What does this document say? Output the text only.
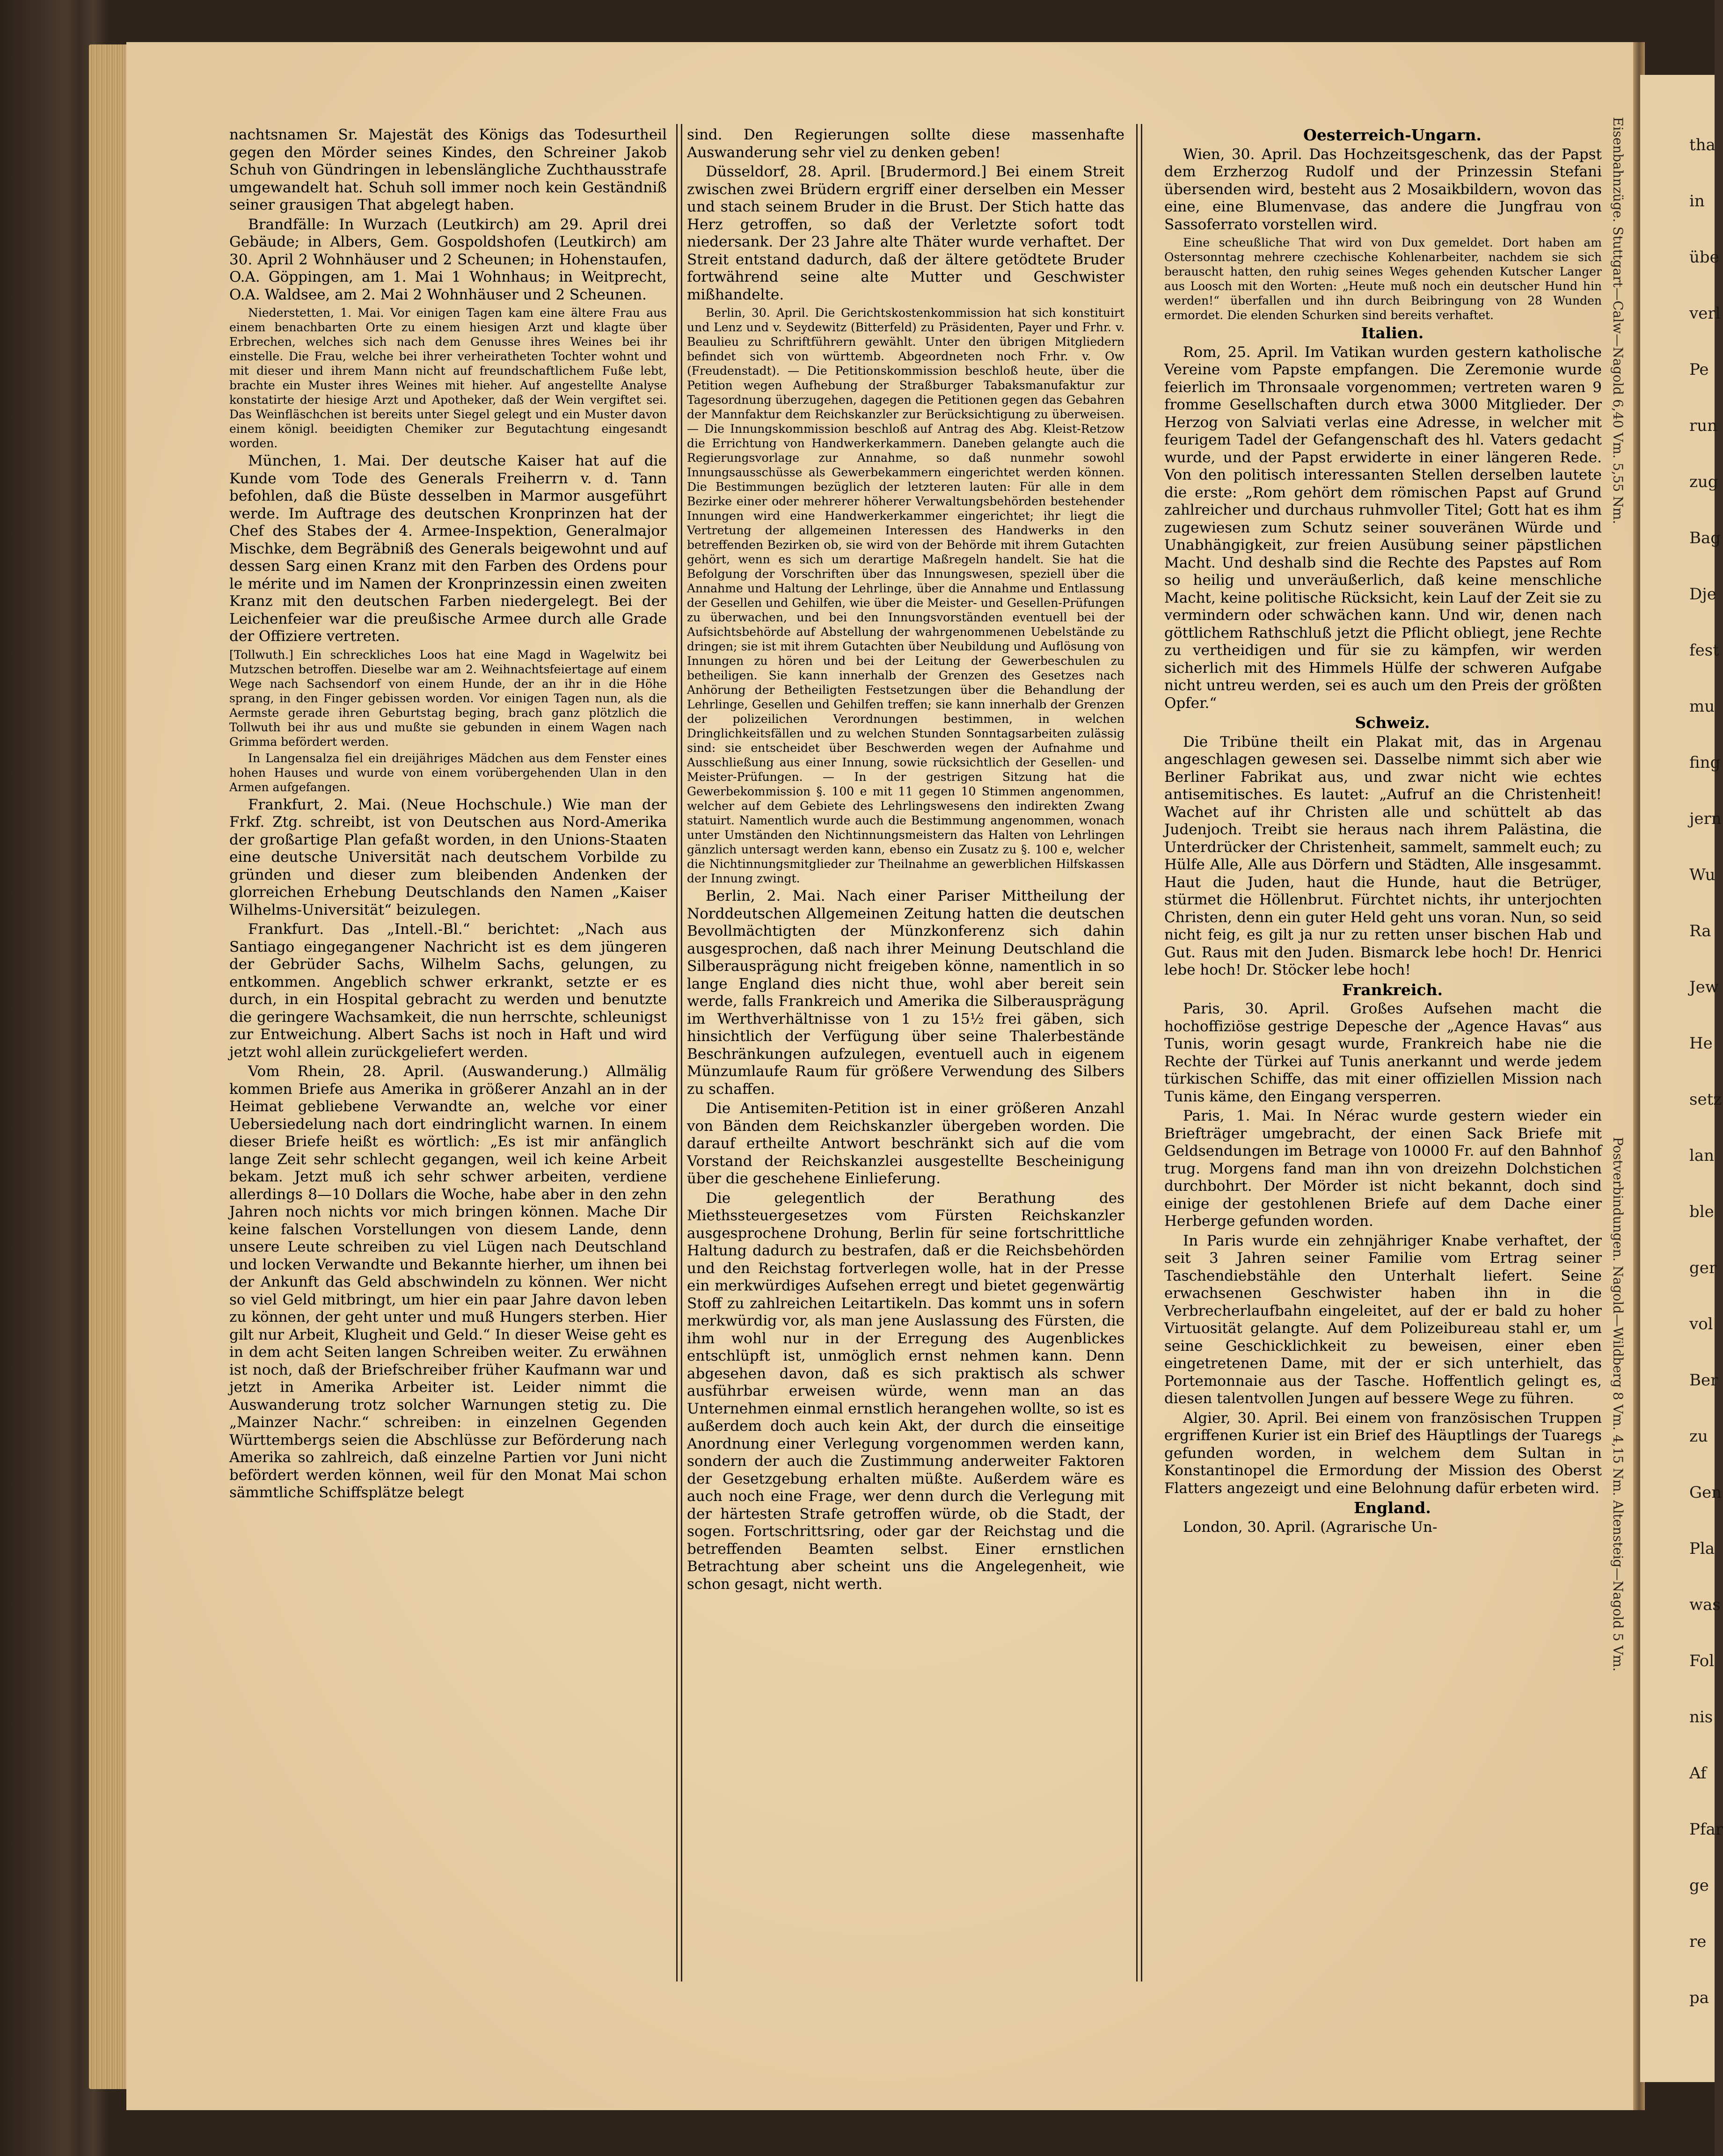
nachtsnamen Sr. Majestät des Königs das Todesurtheil gegen den Mörder seines Kindes, den Schreiner Jakob Schuh von Gündringen in lebenslängliche Zuchthausstrafe umgewandelt hat. Schuh soll immer noch kein Geständniß seiner grausigen That abgelegt haben.

Brandfälle: In Wurzach (Leutkirch) am 29. April drei Gebäude; in Albers, Gem. Gospoldshofen (Leutkirch) am 30. April 2 Wohnhäuser und 2 Scheunen; in Hohenstaufen, O.A. Göppingen, am 1. Mai 1 Wohnhaus; in Weitprecht, O.A. Waldsee, am 2. Mai 2 Wohnhäuser und 2 Scheunen.

Niederstetten, 1. Mai. Vor einigen Tagen kam eine ältere Frau aus einem benachbarten Orte zu einem hiesigen Arzt und klagte über Erbrechen, welches sich nach dem Genusse ihres Weines bei ihr einstelle. Die Frau, welche bei ihrer verheiratheten Tochter wohnt und mit dieser und ihrem Mann nicht auf freundschaftlichem Fuße lebt, brachte ein Muster ihres Weines mit hieher. Auf angestellte Analyse konstatirte der hiesige Arzt und Apotheker, daß der Wein vergiftet sei. Das Weinfläschchen ist bereits unter Siegel gelegt und ein Muster davon einem königl. beeidigten Chemiker zur Begutachtung eingesandt worden.

München, 1. Mai. Der deutsche Kaiser hat auf die Kunde vom Tode des Generals Freiherrn v. d. Tann befohlen, daß die Büste desselben in Marmor ausgeführt werde. Im Auftrage des deutschen Kronprinzen hat der Chef des Stabes der 4. Armee-Inspektion, Generalmajor Mischke, dem Begräbniß des Generals beigewohnt und auf dessen Sarg einen Kranz mit den Farben des Ordens pour le mérite und im Namen der Kronprinzessin einen zweiten Kranz mit den deutschen Farben niedergelegt. Bei der Leichenfeier war die preußische Armee durch alle Grade der Offiziere vertreten.

[Tollwuth.] Ein schreckliches Loos hat eine Magd in Wagelwitz bei Mutzschen betroffen. Dieselbe war am 2. Weihnachtsfeiertage auf einem Wege nach Sachsendorf von einem Hunde, der an ihr in die Höhe sprang, in den Finger gebissen worden. Vor einigen Tagen nun, als die Aermste gerade ihren Geburtstag beging, brach ganz plötzlich die Tollwuth bei ihr aus und mußte sie gebunden in einem Wagen nach Grimma befördert werden.

In Langensalza fiel ein dreijähriges Mädchen aus dem Fenster eines hohen Hauses und wurde von einem vorübergehenden Ulan in den Armen aufgefangen.

Frankfurt, 2. Mai. (Neue Hochschule.) Wie man der Frkf. Ztg. schreibt, ist von Deutschen aus Nord-Amerika der großartige Plan gefaßt worden, in den Unions-Staaten eine deutsche Universität nach deutschem Vorbilde zu gründen und dieser zum bleibenden Andenken der glorreichen Erhebung Deutschlands den Namen „Kaiser Wilhelms-Universität“ beizulegen.

Frankfurt. Das „Intell.-Bl.“ berichtet: „Nach aus Santiago eingegangener Nachricht ist es dem jüngeren der Gebrüder Sachs, Wilhelm Sachs, gelungen, zu entkommen. Angeblich schwer erkrankt, setzte er es durch, in ein Hospital gebracht zu werden und benutzte die geringere Wachsamkeit, die nun herrschte, schleunigst zur Entweichung. Albert Sachs ist noch in Haft und wird jetzt wohl allein zurückgeliefert werden.

Vom Rhein, 28. April. (Auswanderung.) Allmälig kommen Briefe aus Amerika in größerer Anzahl an in der Heimat gebliebene Verwandte an, welche vor einer Uebersiedelung nach dort eindringlicht warnen. In einem dieser Briefe heißt es wörtlich: „Es ist mir anfänglich lange Zeit sehr schlecht gegangen, weil ich keine Arbeit bekam. Jetzt muß ich sehr schwer arbeiten, verdiene allerdings 8—10 Dollars die Woche, habe aber in den zehn Jahren noch nichts vor mich bringen können. Mache Dir keine falschen Vorstellungen von diesem Lande, denn unsere Leute schreiben zu viel Lügen nach Deutschland und locken Verwandte und Bekannte hierher, um ihnen bei der Ankunft das Geld abschwindeln zu können. Wer nicht so viel Geld mitbringt, um hier ein paar Jahre davon leben zu können, der geht unter und muß Hungers sterben. Hier gilt nur Arbeit, Klugheit und Geld.“ In dieser Weise geht es in dem acht Seiten langen Schreiben weiter. Zu erwähnen ist noch, daß der Briefschreiber früher Kaufmann war und jetzt in Amerika Arbeiter ist. Leider nimmt die Auswanderung trotz solcher Warnungen stetig zu. Die „Mainzer Nachr.“ schreiben: in einzelnen Gegenden Württembergs seien die Abschlüsse zur Beförderung nach Amerika so zahlreich, daß einzelne Partien vor Juni nicht befördert werden können, weil für den Monat Mai schon sämmtliche Schiffsplätze belegt

sind. Den Regierungen sollte diese massenhafte Auswanderung sehr viel zu denken geben!

Düsseldorf, 28. April. [Brudermord.] Bei einem Streit zwischen zwei Brüdern ergriff einer derselben ein Messer und stach seinem Bruder in die Brust. Der Stich hatte das Herz getroffen, so daß der Verletzte sofort todt niedersank. Der 23 Jahre alte Thäter wurde verhaftet. Der Streit entstand dadurch, daß der ältere getödtete Bruder fortwährend seine alte Mutter und Geschwister mißhandelte.

Berlin, 30. April. Die Gerichtskostenkommission hat sich konstituirt und Lenz und v. Seydewitz (Bitterfeld) zu Präsidenten, Payer und Frhr. v. Beaulieu zu Schriftführern gewählt. Unter den übrigen Mitgliedern befindet sich von württemb. Abgeordneten noch Frhr. v. Ow (Freudenstadt). — Die Petitionskommission beschloß heute, über die Petition wegen Aufhebung der Straßburger Tabaksmanufaktur zur Tagesordnung überzugehen, dagegen die Petitionen gegen das Gebahren der Mannfaktur dem Reichskanzler zur Berücksichtigung zu überweisen. — Die Innungskommission beschloß auf Antrag des Abg. Kleist-Retzow die Errichtung von Handwerkerkammern. Daneben gelangte auch die Regierungsvorlage zur Annahme, so daß nunmehr sowohl Innungsausschüsse als Gewerbekammern eingerichtet werden können. Die Bestimmungen bezüglich der letzteren lauten: Für alle in dem Bezirke einer oder mehrerer höherer Verwaltungsbehörden bestehender Innungen wird eine Handwerkerkammer eingerichtet; ihr liegt die Vertretung der allgemeinen Interessen des Handwerks in den betreffenden Bezirken ob, sie wird von der Behörde mit ihrem Gutachten gehört, wenn es sich um derartige Maßregeln handelt. Sie hat die Befolgung der Vorschriften über das Innungswesen, speziell über die Annahme und Haltung der Lehrlinge, über die Annahme und Entlassung der Gesellen und Gehilfen, wie über die Meister- und Gesellen-Prüfungen zu überwachen, und bei den Innungsvorständen eventuell bei der Aufsichtsbehörde auf Abstellung der wahrgenommenen Uebelstände zu dringen; sie ist mit ihrem Gutachten über Neubildung und Auflösung von Innungen zu hören und bei der Leitung der Gewerbeschulen zu betheiligen. Sie kann innerhalb der Grenzen des Gesetzes nach Anhörung der Betheiligten Festsetzungen über die Behandlung der Lehrlinge, Gesellen und Gehilfen treffen; sie kann innerhalb der Grenzen der polizeilichen Verordnungen bestimmen, in welchen Dringlichkeitsfällen und zu welchen Stunden Sonntagsarbeiten zulässig sind: sie entscheidet über Beschwerden wegen der Aufnahme und Ausschließung aus einer Innung, sowie rücksichtlich der Gesellen- und Meister-Prüfungen. — In der gestrigen Sitzung hat die Gewerbekommission §. 100 e mit 11 gegen 10 Stimmen angenommen, welcher auf dem Gebiete des Lehrlingswesens den indirekten Zwang statuirt. Namentlich wurde auch die Bestimmung angenommen, wonach unter Umständen den Nichtinnungsmeistern das Halten von Lehrlingen gänzlich untersagt werden kann, ebenso ein Zusatz zu §. 100 e, welcher die Nichtinnungsmitglieder zur Theilnahme an gewerblichen Hilfskassen der Innung zwingt.

Berlin, 2. Mai. Nach einer Pariser Mittheilung der Norddeutschen Allgemeinen Zeitung hatten die deutschen Bevollmächtigten der Münzkonferenz sich dahin ausgesprochen, daß nach ihrer Meinung Deutschland die Silberausprägung nicht freigeben könne, namentlich in so lange England dies nicht thue, wohl aber bereit sein werde, falls Frankreich und Amerika die Silberausprägung im Werthverhältnisse von 1 zu 15½ frei gäben, sich hinsichtlich der Verfügung über seine Thalerbestände Beschränkungen aufzulegen, eventuell auch in eigenem Münzumlaufe Raum für größere Verwendung des Silbers zu schaffen.

Die Antisemiten-Petition ist in einer größeren Anzahl von Bänden dem Reichskanzler übergeben worden. Die darauf ertheilte Antwort beschränkt sich auf die vom Vorstand der Reichskanzlei ausgestellte Bescheinigung über die geschehene Einlieferung.

Die gelegentlich der Berathung des Miethssteuergesetzes vom Fürsten Reichskanzler ausgesprochene Drohung, Berlin für seine fortschrittliche Haltung dadurch zu bestrafen, daß er die Reichsbehörden und den Reichstag fortverlegen wolle, hat in der Presse ein merkwürdiges Aufsehen erregt und bietet gegenwärtig Stoff zu zahlreichen Leitartikeln. Das kommt uns in sofern merkwürdig vor, als man jene Auslassung des Fürsten, die ihm wohl nur in der Erregung des Augenblickes entschlüpft ist, unmöglich ernst nehmen kann. Denn abgesehen davon, daß es sich praktisch als schwer ausführbar erweisen würde, wenn man an das Unternehmen einmal ernstlich herangehen wollte, so ist es außerdem doch auch kein Akt, der durch die einseitige Anordnung einer Verlegung vorgenommen werden kann, sondern der auch die Zustimmung anderweiter Faktoren der Gesetzgebung erhalten müßte. Außerdem wäre es auch noch eine Frage, wer denn durch die Verlegung mit der härtesten Strafe getroffen würde, ob die Stadt, der sogen. Fortschrittsring, oder gar der Reichstag und die betreffenden Beamten selbst. Einer ernstlichen Betrachtung aber scheint uns die Angelegenheit, wie schon gesagt, nicht werth.

Oesterreich-Ungarn.

Wien, 30. April. Das Hochzeitsgeschenk, das der Papst dem Erzherzog Rudolf und der Prinzessin Stefani übersenden wird, besteht aus 2 Mosaikbildern, wovon das eine, eine Blumenvase, das andere die Jungfrau von Sassoferrato vorstellen wird.

Eine scheußliche That wird von Dux gemeldet. Dort haben am Ostersonntag mehrere czechische Kohlenarbeiter, nachdem sie sich berauscht hatten, den ruhig seines Weges gehenden Kutscher Langer aus Loosch mit den Worten: „Heute muß noch ein deutscher Hund hin werden!“ überfallen und ihn durch Beibringung von 28 Wunden ermordet. Die elenden Schurken sind bereits verhaftet.

Italien.

Rom, 25. April. Im Vatikan wurden gestern katholische Vereine vom Papste empfangen. Die Zeremonie wurde feierlich im Thronsaale vorgenommen; vertreten waren 9 fromme Gesellschaften durch etwa 3000 Mitglieder. Der Herzog von Salviati verlas eine Adresse, in welcher mit feurigem Tadel der Gefangenschaft des hl. Vaters gedacht wurde, und der Papst erwiderte in einer längeren Rede. Von den politisch interessanten Stellen derselben lautete die erste: „Rom gehört dem römischen Papst auf Grund zahlreicher und durchaus ruhmvoller Titel; Gott hat es ihm zugewiesen zum Schutz seiner souveränen Würde und Unabhängigkeit, zur freien Ausübung seiner päpstlichen Macht. Und deshalb sind die Rechte des Papstes auf Rom so heilig und unveräußerlich, daß keine menschliche Macht, keine politische Rücksicht, kein Lauf der Zeit sie zu vermindern oder schwächen kann. Und wir, denen nach göttlichem Rathschluß jetzt die Pflicht obliegt, jene Rechte zu vertheidigen und für sie zu kämpfen, wir werden sicherlich mit des Himmels Hülfe der schweren Aufgabe nicht untreu werden, sei es auch um den Preis der größten Opfer.“

Schweiz.

Die Tribüne theilt ein Plakat mit, das in Argenau angeschlagen gewesen sei. Dasselbe nimmt sich aber wie Berliner Fabrikat aus, und zwar nicht wie echtes antisemitisches. Es lautet: „Aufruf an die Christenheit! Wachet auf ihr Christen alle und schüttelt ab das Judenjoch. Treibt sie heraus nach ihrem Palästina, die Unterdrücker der Christenheit, sammelt, sammelt euch; zu Hülfe Alle, Alle aus Dörfern und Städten, Alle insgesammt. Haut die Juden, haut die Hunde, haut die Betrüger, stürmet die Höllenbrut. Fürchtet nichts, ihr unterjochten Christen, denn ein guter Held geht uns voran. Nun, so seid nicht feig, es gilt ja nur zu retten unser bischen Hab und Gut. Raus mit den Juden. Bismarck lebe hoch! Dr. Henrici lebe hoch! Dr. Stöcker lebe hoch!

Frankreich.

Paris, 30. April. Großes Aufsehen macht die hochoffiziöse gestrige Depesche der „Agence Havas“ aus Tunis, worin gesagt wurde, Frankreich habe nie die Rechte der Türkei auf Tunis anerkannt und werde jedem türkischen Schiffe, das mit einer offiziellen Mission nach Tunis käme, den Eingang versperren.

Paris, 1. Mai. In Nérac wurde gestern wieder ein Briefträger umgebracht, der einen Sack Briefe mit Geldsendungen im Betrage von 10000 Fr. auf den Bahnhof trug. Morgens fand man ihn von dreizehn Dolchstichen durchbohrt. Der Mörder ist nicht bekannt, doch sind einige der gestohlenen Briefe auf dem Dache einer Herberge gefunden worden.

In Paris wurde ein zehnjähriger Knabe verhaftet, der seit 3 Jahren seiner Familie vom Ertrag seiner Taschendiebstähle den Unterhalt liefert. Seine erwachsenen Geschwister haben ihn in die Verbrecherlaufbahn eingeleitet, auf der er bald zu hoher Virtuosität gelangte. Auf dem Polizeibureau stahl er, um seine Geschicklichkeit zu beweisen, einer eben eingetretenen Dame, mit der er sich unterhielt, das Portemonnaie aus der Tasche. Hoffentlich gelingt es, diesen talentvollen Jungen auf bessere Wege zu führen.

Algier, 30. April. Bei einem von französischen Truppen ergriffenen Kurier ist ein Brief des Häuptlings der Tuaregs gefunden worden, in welchem dem Sultan in Konstantinopel die Ermordung der Mission des Oberst Flatters angezeigt und eine Belohnung dafür erbeten wird.

England.

London, 30. April. (Agrarische Un-

Eisenbahnzüge. Stuttgart—Calw—Nagold 6,40 Vm. 5,55 Nm.
Postverbindungen. Nagold—Wildberg 8 Vm. 4,15 Nm. Altensteig—Nagold 5 Vm.
tha
in
übe
verl
Pe
run
zug
Bag
Dje
fest
mu
fing
jern
Wu
Ra
Jew
He
setz
lan
ble
ger
vol
Ber
zu
Gen
Pla
was
Fol
nis
Af
Pfar
ge
re
pa
